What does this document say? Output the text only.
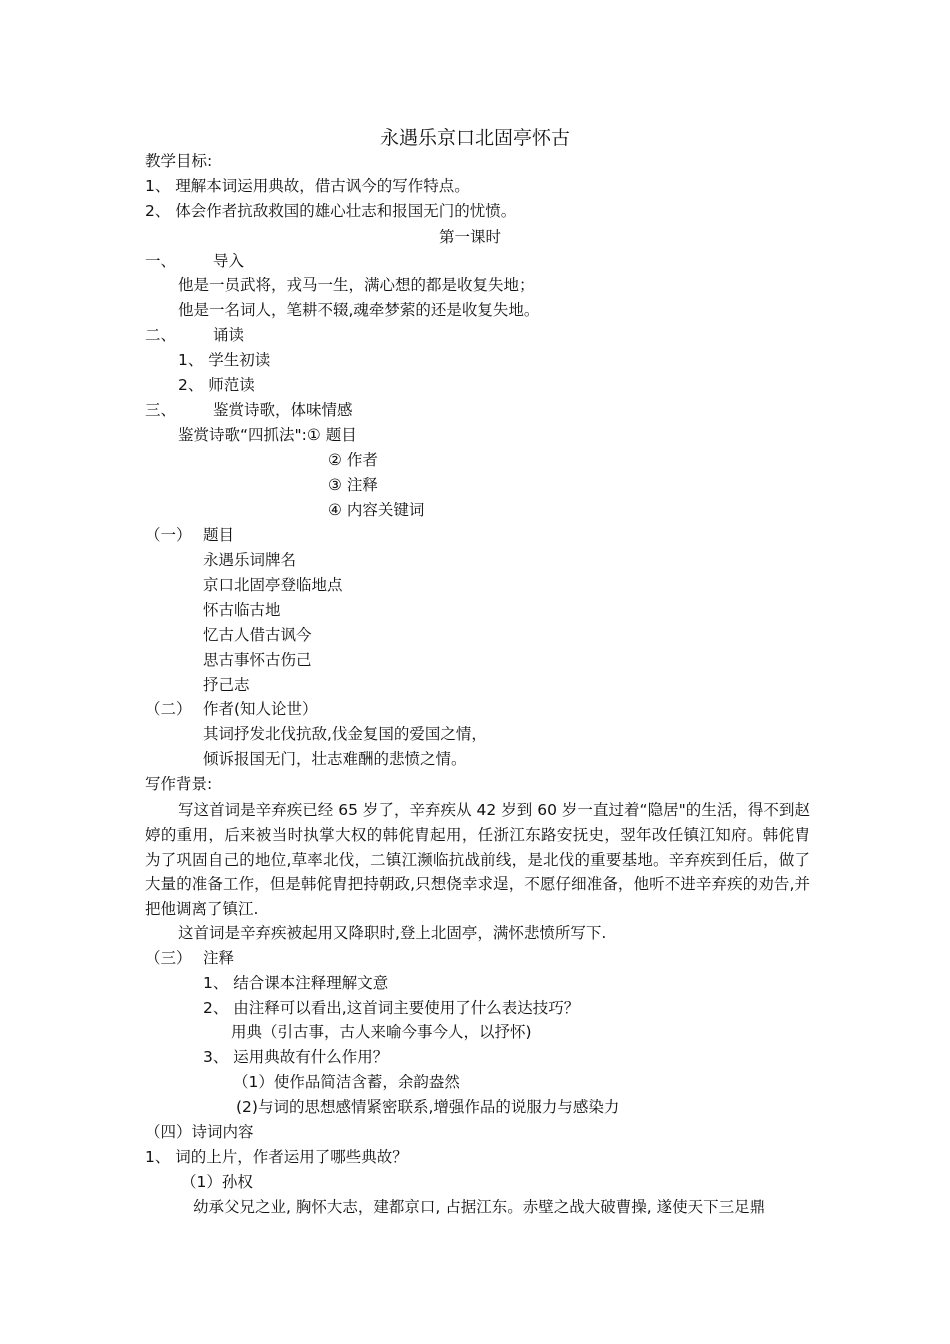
永遇乐京口北固亭怀古
教学目标:
1、 理解本词运用典故，借古讽今的写作特点。
2、 体会作者抗敌救国的雄心壮志和报国无门的忧愤。
第一课时
一、 导入
他是一员武将，戎马一生，满心想的都是收复失地；
他是一名词人，笔耕不辍,魂牵梦萦的还是收复失地。
二、 诵读
1、 学生初读
2、 师范读
三、 鉴赏诗歌，体味情感
鉴赏诗歌“四抓法":① 题目
② 作者
③ 注释
④ 内容关键词
（一） 题目
永遇乐词牌名
京口北固亭登临地点
怀古临古地
忆古人借古讽今
思古事怀古伤己
抒己志
（二） 作者(知人论世）
其词抒发北伐抗敌,伐金复国的爱国之情，
倾诉报国无门，壮志难酬的悲愤之情。
写作背景:
写这首词是辛弃疾已经 65 岁了，辛弃疾从 42 岁到 60 岁一直过着“隐居"的生活，得不到赵婷的重用，后来被当时执掌大权的韩侂胄起用，任浙江东路安抚史，翌年改任镇江知府。韩侂胄为了巩固自己的地位,草率北伐，二镇江濒临抗战前线，是北伐的重要基地。辛弃疾到任后，做了大量的准备工作，但是韩侂胄把持朝政,只想侥幸求逞，不愿仔细准备，他听不进辛弃疾的劝告,并把他调离了镇江.
这首词是辛弃疾被起用又降职时,登上北固亭，满怀悲愤所写下.
（三） 注释
1、 结合课本注释理解文意
2、 由注释可以看出,这首词主要使用了什么表达技巧？
用典（引古事，古人来喻今事今人，以抒怀)
3、 运用典故有什么作用？
（1）使作品简洁含蓄，余韵盎然
(2)与词的思想感情紧密联系,增强作品的说服力与感染力
（四）诗词内容
1、 词的上片，作者运用了哪些典故？
（1）孙权
幼承父兄之业, 胸怀大志，建都京口, 占据江东。赤壁之战大破曹操, 遂使天下三足鼎
